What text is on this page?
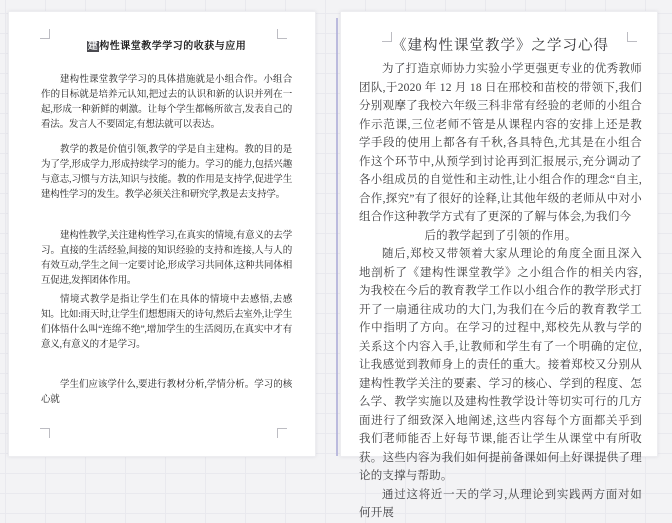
建构性课堂教学学习的收获与应用

建构性课堂教学学习的具体措施就是小组合作。小组合作的目标就是培养元认知,把过去的认识和新的认识并列在一起,形成一种新鲜的刺激。让每个学生都畅所欲言,发表自己的看法。发言人不要固定,有想法就可以表达。

教学的教是价值引领,教学的学是自主建构。教的目的是为了学,形成学力,形成持续学习的能力。学习的能力,包括兴趣与意志,习惯与方法,知识与技能。教的作用是支持学,促进学生建构性学习的发生。教学必须关注和研究学,教是去支持学。

建构性教学,关注建构性学习,在真实的情境,有意义的去学习。直接的生活经验,间接的知识经验的支持和连接,人与人的有效互动,学生之间一定要讨论,形成学习共同体,这种共同体相互促进,发挥团体作用。

情境式教学是指让学生们在具体的情境中去感悟,去感知。比如:雨天时,让学生们想想雨天的诗句,然后去室外,让学生们体悟什么叫“连绵不绝”,增加学生的生活阅历,在真实中才有意义,有意义的才是学习。

学生们应该学什么,要进行教材分析,学情分析。学习的核心就

《建构性课堂教学》之学习心得

为了打造京师协力实验小学更强更专业的优秀教师团队,于2020 年 12 月 18 日在邢校和苗校的带领下,我们分别观摩了我校六年级三科非常有经验的老师的小组合作示范课,三位老师不管是从课程内容的安排上还是教学手段的使用上都各有千秋,各具特色,尤其是在小组合作这个环节中,从预学到讨论再到汇报展示,充分调动了各小组成员的自觉性和主动性,让小组合作的理念“自主,合作,探究”有了很好的诠释,让其他年级的老师从中对小组合作这种教学方式有了更深的了解与体会,为我们今

后的教学起到了引领的作用。

随后,郑校又带领着大家从理论的角度全面且深入地剖析了《建构性课堂教学》之小组合作的相关内容,为我校在今后的教育教学工作以小组合作的教学形式打开了一扇通往成功的大门,为我们在今后的教育教学工作中指明了方向。在学习的过程中,郑校先从教与学的关系这个内容入手,让教师和学生有了一个明确的定位,让我感觉到教师身上的责任的重大。接着郑校又分别从建构性教学关注的要素、学习的核心、学到的程度、怎么学、教学实施以及建构性教学设计等切实可行的几方面进行了细致深入地阐述,这些内容每个方面都关乎到我们老师能否上好每节课,能否让学生从课堂中有所收获。这些内容为我们如何提前备课如何上好课提供了理论的支撑与帮助。

通过这将近一天的学习,从理论到实践两方面对如何开展
